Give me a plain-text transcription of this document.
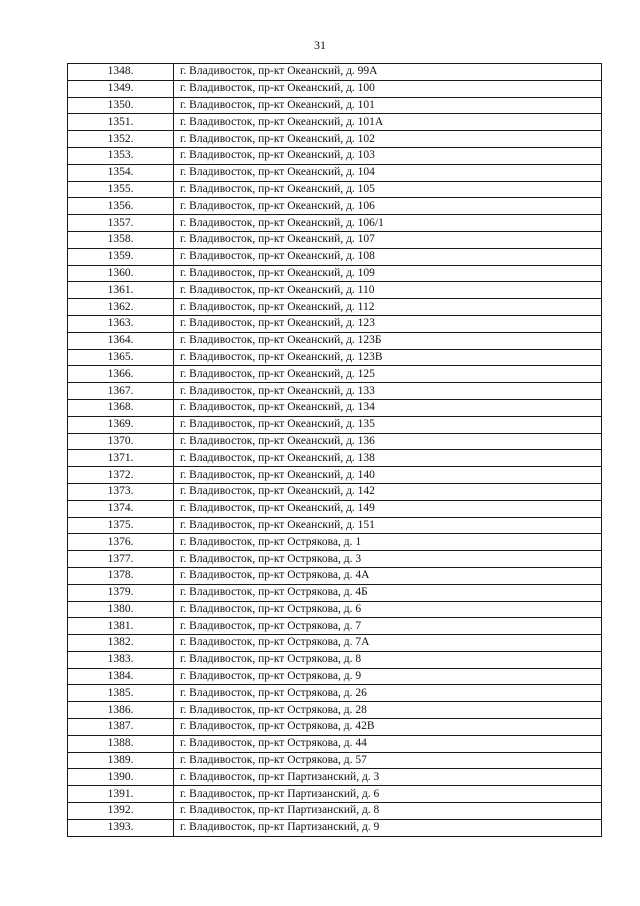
31
1348.	г. Владивосток, пр-кт Океанский, д. 99А
1349.	г. Владивосток, пр-кт Океанский, д. 100
1350.	г. Владивосток, пр-кт Океанский, д. 101
1351.	г. Владивосток, пр-кт Океанский, д. 101А
1352.	г. Владивосток, пр-кт Океанский, д. 102
1353.	г. Владивосток, пр-кт Океанский, д. 103
1354.	г. Владивосток, пр-кт Океанский, д. 104
1355.	г. Владивосток, пр-кт Океанский, д. 105
1356.	г. Владивосток, пр-кт Океанский, д. 106
1357.	г. Владивосток, пр-кт Океанский, д. 106/1
1358.	г. Владивосток, пр-кт Океанский, д. 107
1359.	г. Владивосток, пр-кт Океанский, д. 108
1360.	г. Владивосток, пр-кт Океанский, д. 109
1361.	г. Владивосток, пр-кт Океанский, д. 110
1362.	г. Владивосток, пр-кт Океанский, д. 112
1363.	г. Владивосток, пр-кт Океанский, д. 123
1364.	г. Владивосток, пр-кт Океанский, д. 123Б
1365.	г. Владивосток, пр-кт Океанский, д. 123В
1366.	г. Владивосток, пр-кт Океанский, д. 125
1367.	г. Владивосток, пр-кт Океанский, д. 133
1368.	г. Владивосток, пр-кт Океанский, д. 134
1369.	г. Владивосток, пр-кт Океанский, д. 135
1370.	г. Владивосток, пр-кт Океанский, д. 136
1371.	г. Владивосток, пр-кт Океанский, д. 138
1372.	г. Владивосток, пр-кт Океанский, д. 140
1373.	г. Владивосток, пр-кт Океанский, д. 142
1374.	г. Владивосток, пр-кт Океанский, д. 149
1375.	г. Владивосток, пр-кт Океанский, д. 151
1376.	г. Владивосток, пр-кт Острякова, д. 1
1377.	г. Владивосток, пр-кт Острякова, д. 3
1378.	г. Владивосток, пр-кт Острякова, д. 4А
1379.	г. Владивосток, пр-кт Острякова, д. 4Б
1380.	г. Владивосток, пр-кт Острякова, д. 6
1381.	г. Владивосток, пр-кт Острякова, д. 7
1382.	г. Владивосток, пр-кт Острякова, д. 7А
1383.	г. Владивосток, пр-кт Острякова, д. 8
1384.	г. Владивосток, пр-кт Острякова, д. 9
1385.	г. Владивосток, пр-кт Острякова, д. 26
1386.	г. Владивосток, пр-кт Острякова, д. 28
1387.	г. Владивосток, пр-кт Острякова, д. 42В
1388.	г. Владивосток, пр-кт Острякова, д. 44
1389.	г. Владивосток, пр-кт Острякова, д. 57
1390.	г. Владивосток, пр-кт Партизанский, д. 3
1391.	г. Владивосток, пр-кт Партизанский, д. 6
1392.	г. Владивосток, пр-кт Партизанский, д. 8
1393.	г. Владивосток, пр-кт Партизанский, д. 9
